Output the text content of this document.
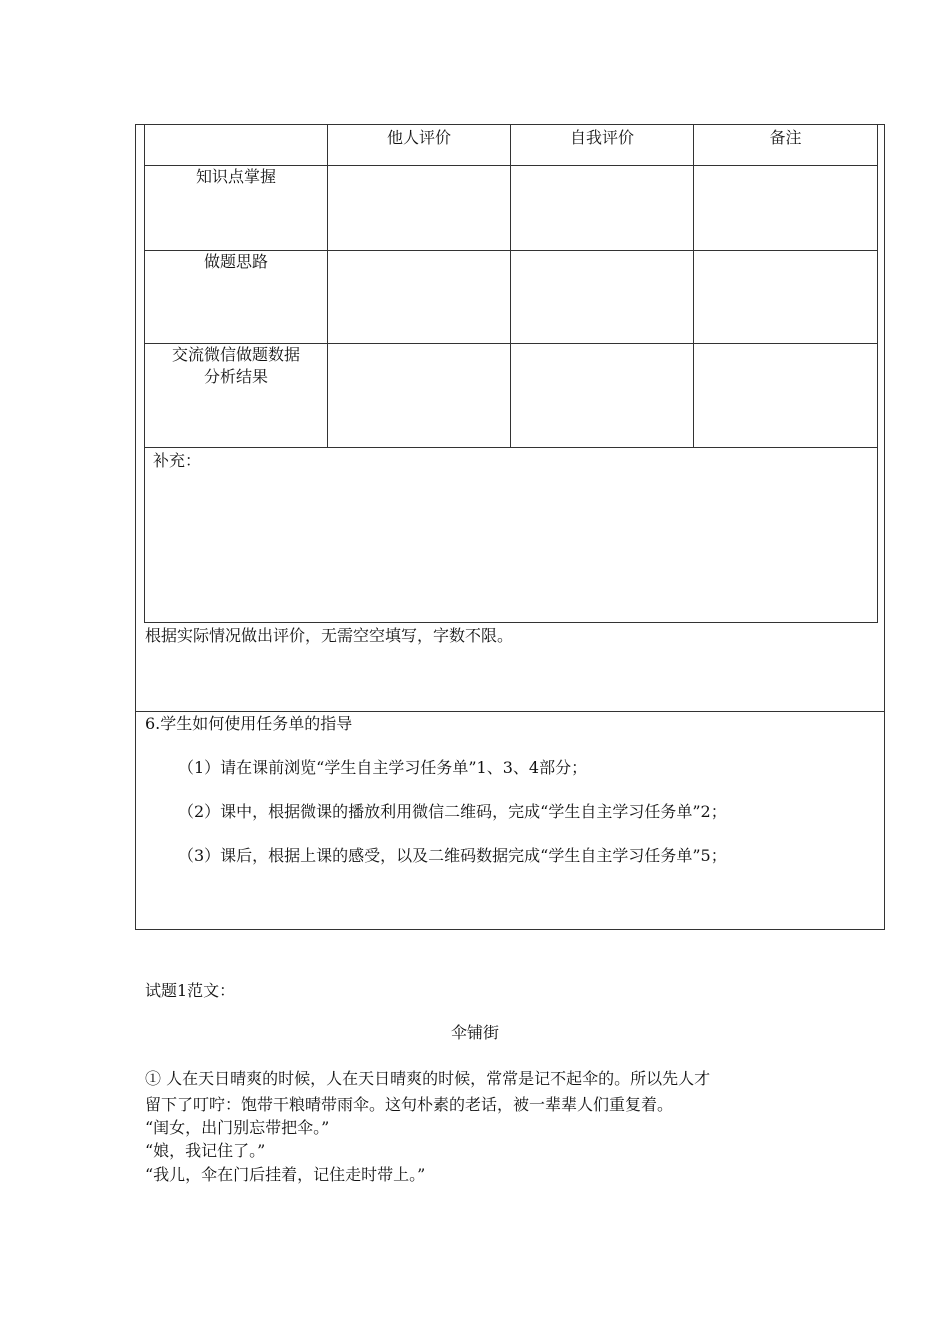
	他人评价	自我评价	备注

知识点掌握			

做题思路			

交流微信做题数据
分析结果			

补充：			
根据实际情况做出评价，无需空空填写，字数不限。
6.学生如何使用任务单的指导
（1）请在课前浏览“学生自主学习任务单”1、3、4部分；
（2）课中，根据微课的播放利用微信二维码，完成“学生自主学习任务单”2；
（3）课后，根据上课的感受，以及二维码数据完成“学生自主学习任务单”5；
试题1范文：
伞铺街
① 人在天日晴爽的时候，人在天日晴爽的时候，常常是记不起伞的。所以先人才
留下了叮咛：饱带干粮晴带雨伞。这句朴素的老话，被一辈辈人们重复着。
“闺女，出门别忘带把伞。”
“娘，我记住了。”
“我儿，伞在门后挂着，记住走时带上。”
